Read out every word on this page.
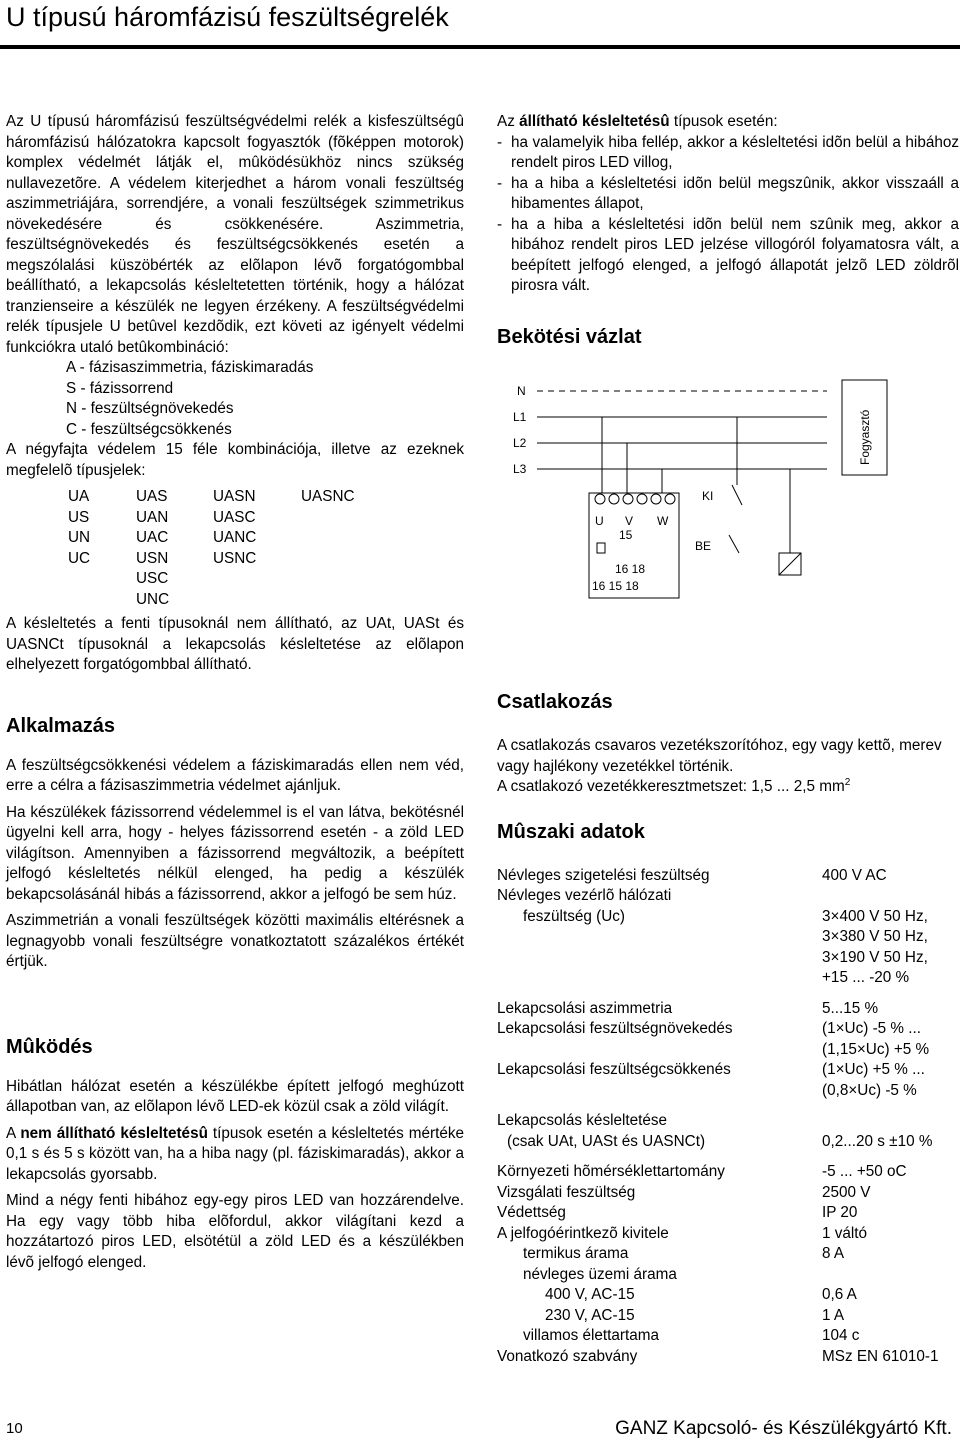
U típusú háromfázisú feszültségrelék

Az U típusú háromfázisú feszültségvédelmi relék a kisfeszültségû háromfázisú hálózatokra kapcsolt fogyasztók (fõképpen motorok) komplex védelmét látják el, mûködésükhöz nincs szükség nullavezetõre. A védelem kiterjedhet a három vonali feszültség aszimmetriájára, sorrendjére, a vonali feszültségek szimmetrikus növekedésére és csökkenésére. Aszimmetria, feszültségnövekedés és feszültségcsökkenés esetén a megszólalási küszöbérték az elõlapon lévõ forgatógombbal beállítható, a lekapcsolás késleltetetten történik, hogy a hálózat tranzienseire a készülék ne legyen érzékeny. A feszültségvédelmi relék típusjele U betûvel kezdõdik, ezt követi az igényelt védelmi funkciókra utaló betûkombináció:

A - fázisaszimmetria, fáziskimaradás

S - fázissorrend

N - feszültségnövekedés

C - feszültségcsökkenés

A négyfajta védelem 15 féle kombinációja, illetve az ezeknek megfelelõ típusjelek:

UA	UAS	UASN	UASNC
US	UAN	UASC
UN	UAC	UANC
UC	USN	USNC
USC
UNC

A késleltetés a fenti típusoknál nem állítható, az UAt, UASt és UASNCt típusoknál a lekapcsolás késleltetése az elõlapon elhelyezett forgatógombbal állítható.

Alkalmazás

A feszültségcsökkenési védelem a fáziskimaradás ellen nem véd, erre a célra a fázisaszimmetria védelmet ajánljuk.

Ha készülékek fázissorrend védelemmel is el van látva, bekötésnél ügyelni kell arra, hogy - helyes fázissorrend esetén - a zöld LED világítson. Amennyiben a fázissorrend megváltozik, a beépített jelfogó késleltetés nélkül elenged, ha pedig a készülék bekapcsolásánál hibás a fázissorrend, akkor a jelfogó be sem húz.

Aszimmetrián a vonali feszültségek közötti maximális eltérésnek a legnagyobb vonali feszültségre vonatkoztatott százalékos értékét értjük.

Mûködés

Hibátlan hálózat esetén a készülékbe épített jelfogó meghúzott állapotban van, az elõlapon lévõ LED-ek közül csak a zöld világít.

A nem állítható késleltetésû típusok esetén a késleltetés mértéke 0,1 s és 5 s között van, ha a hiba nagy (pl. fáziskimaradás), akkor a lekapcsolás gyorsabb.

Mind a négy fenti hibához egy-egy piros LED van hozzárendelve. Ha egy vagy több hiba elõfordul, akkor világítani kezd a hozzátartozó piros LED, elsötétül a zöld LED és a készülékben lévõ jelfogó elenged.

Az állítható késleltetésû típusok esetén:

- ha valamelyik hiba fellép, akkor a késleltetési idõn belül a hibához rendelt piros LED villog,

- ha a hiba a késleltetési idõn belül megszûnik, akkor visszaáll a hibamentes állapot,

- ha a hiba a késleltetési idõn belül nem szûnik meg, akkor a hibához rendelt piros LED jelzése villogóról folyamatosra vált, a beépített jelfogó elenged, a jelfogó állapotát jelzõ LED zöldrõl pirosra vált.

Bekötési vázlat
N
L1
L2
L3
U V W
15
16 18
16 15 18
KI
BE
Fogyasztó
Csatlakozás

A csatlakozás csavaros vezetékszorítóhoz, egy vagy kettõ, merev vagy hajlékony vezetékkel történik.

A csatlakozó vezetékkeresztmetszet: 1,5 ... 2,5 $mm^2$

Mûszaki adatok
Névleges szigetelési feszültség	400 V AC
Névleges vezérlõ hálózati
feszültség (Uc)	3×400 V 50 Hz,
3×380 V 50 Hz,
3×190 V 50 Hz,
+15 ... -20 %
Lekapcsolási aszimmetria	5...15 %
Lekapcsolási feszültségnövekedés	(1×Uc) -5 % ...
(1,15×Uc) +5 %
Lekapcsolási feszültségcsökkenés	(1×Uc) +5 % ...
(0,8×Uc) -5 %
Lekapcsolás késleltetése
(csak UAt, UASt és UASNCt)	0,2...20 s ±10 %
Környezeti hõmérséklettartomány	-5 ... +50 oC
Vizsgálati feszültség	2500 V
Védettség	IP 20
A jelfogóérintkezõ kivitele	1 váltó
termikus árama	8 A
névleges üzemi árama
400 V, AC-15	0,6 A
230 V, AC-15	1 A
villamos élettartama	104 c
Vonatkozó szabvány	MSz EN 61010-1
10	GANZ Kapcsoló- és Készülékgyártó Kft.
